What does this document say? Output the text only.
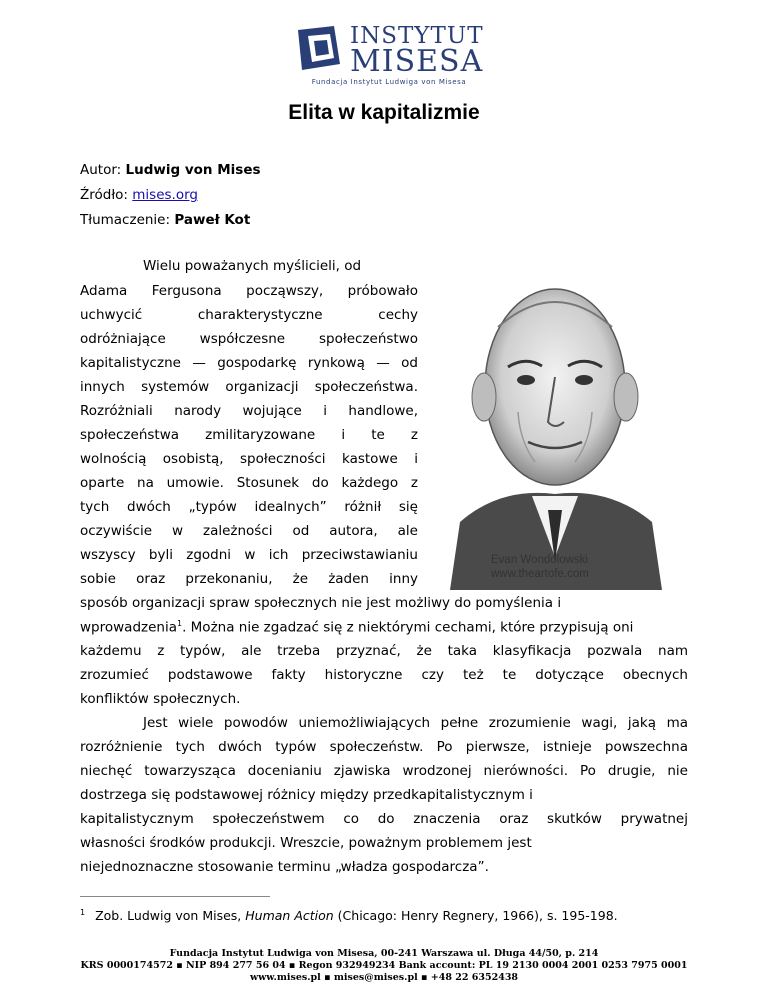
INSTYTUT
MISESA
Fundacja Instytut Ludwiga von Misesa
Elita w kapitalizmie
Autor: Ludwig von Mises
Źródło: mises.org
Tłumaczenie: Paweł Kot
Evan Wondolowski
www.theartofe.com
Wielu poważanych myślicieli, od
Adama Fergusona począwszy, próbowało
uchwycić charakterystyczne cechy
odróżniające współczesne społeczeństwo
kapitalistyczne — gospodarkę rynkową — od
innych systemów organizacji społeczeństwa.
Rozróżniali narody wojujące i handlowe,
społeczeństwa zmilitaryzowane i te z
wolnością osobistą, społeczności kastowe i
oparte na umowie. Stosunek do każdego z
tych dwóch „typów idealnych” różnił się
oczywiście w zależności od autora, ale
wszyscy byli zgodni w ich przeciwstawianiu
sobie oraz przekonaniu, że żaden inny
sposób organizacji spraw społecznych nie jest możliwy do pomyślenia i
wprowadzenia$^1$. Można nie zgadzać się z niektórymi cechami, które przypisują oni
każdemu z typów, ale trzeba przyznać, że taka klasyfikacja pozwala nam
zrozumieć podstawowe fakty historyczne czy też te dotyczące obecnych
konfliktów społecznych.
Jest wiele powodów uniemożliwiających pełne zrozumienie wagi, jaką ma
rozróżnienie tych dwóch typów społeczeństw. Po pierwsze, istnieje powszechna
niechęć towarzysząca docenianiu zjawiska wrodzonej nierówności. Po drugie, nie
dostrzega się podstawowej różnicy między przedkapitalistycznym i
kapitalistycznym społeczeństwem co do znaczenia oraz skutków prywatnej
własności środków produkcji. Wreszcie, poważnym problemem jest
niejednoznaczne stosowanie terminu „władza gospodarcza”.
$^1$ Zob. Ludwig von Mises, Human Action (Chicago: Henry Regnery, 1966), s. 195-198.
Fundacja Instytut Ludwiga von Misesa, 00-241 Warszawa ul. Długa 44/50, p. 214
KRS 0000174572 ▪ NIP 894 277 56 04 ▪ Regon 932949234 Bank account: PL 19 2130 0004 2001 0253 7975 0001
www.mises.pl ▪ mises@mises.pl ▪ +48 22 6352438
